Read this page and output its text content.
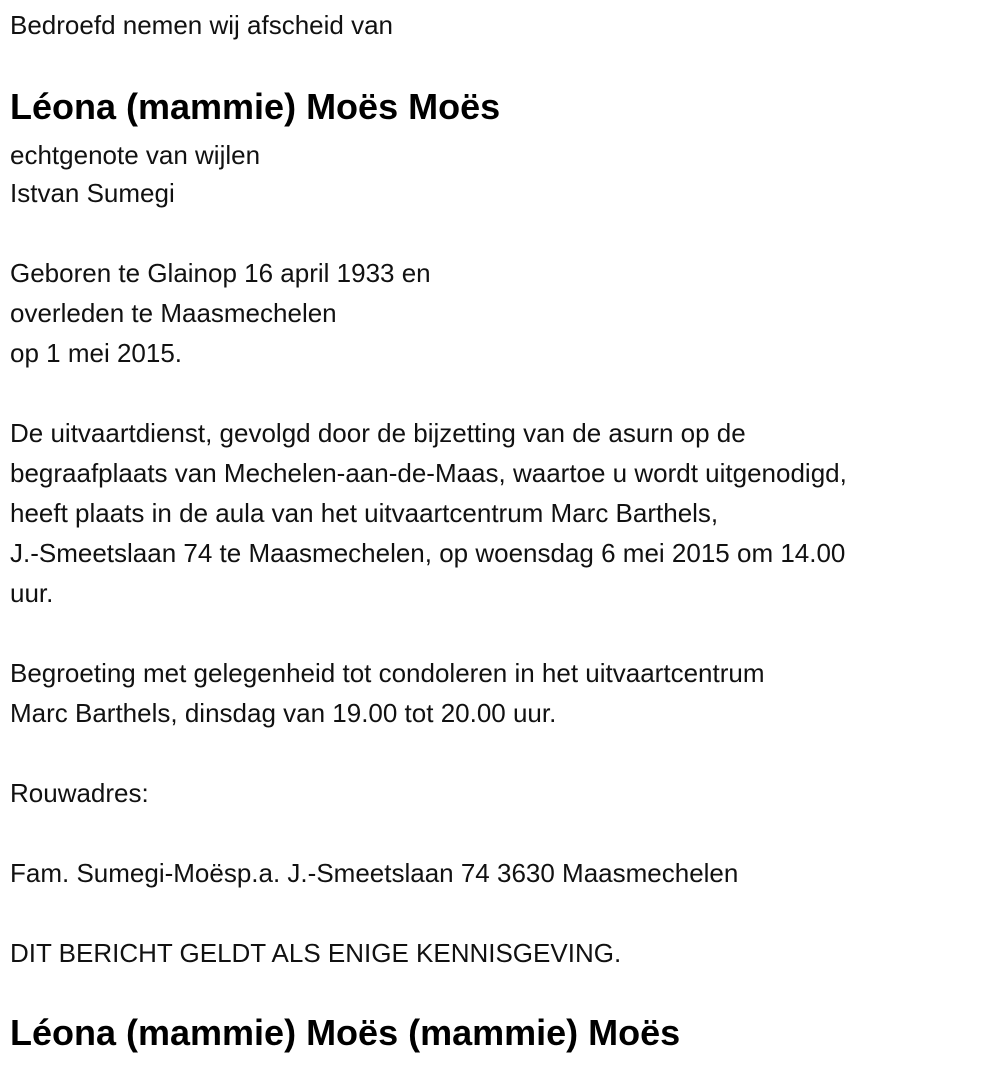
Bedroefd nemen wij afscheid van
Léona (mammie) Moës Moës
echtgenote van wijlen
Istvan Sumegi
Geboren te Glainop 16 april 1933 en
overleden te Maasmechelen
op 1 mei 2015.
De uitvaartdienst, gevolgd door de bijzetting van de asurn op de
begraafplaats van Mechelen-aan-de-Maas, waartoe u wordt uitgenodigd,
heeft plaats in de aula van het uitvaartcentrum Marc Barthels,
J.-Smeetslaan 74 te Maasmechelen, op woensdag 6 mei 2015 om 14.00
uur.
Begroeting met gelegenheid tot condoleren in het uitvaartcentrum
Marc Barthels, dinsdag van 19.00 tot 20.00 uur.
Rouwadres:
Fam. Sumegi-Moësp.a. J.-Smeetslaan 74 3630 Maasmechelen
DIT BERICHT GELDT ALS ENIGE KENNISGEVING.
Léona (mammie) Moës (mammie) Moës
